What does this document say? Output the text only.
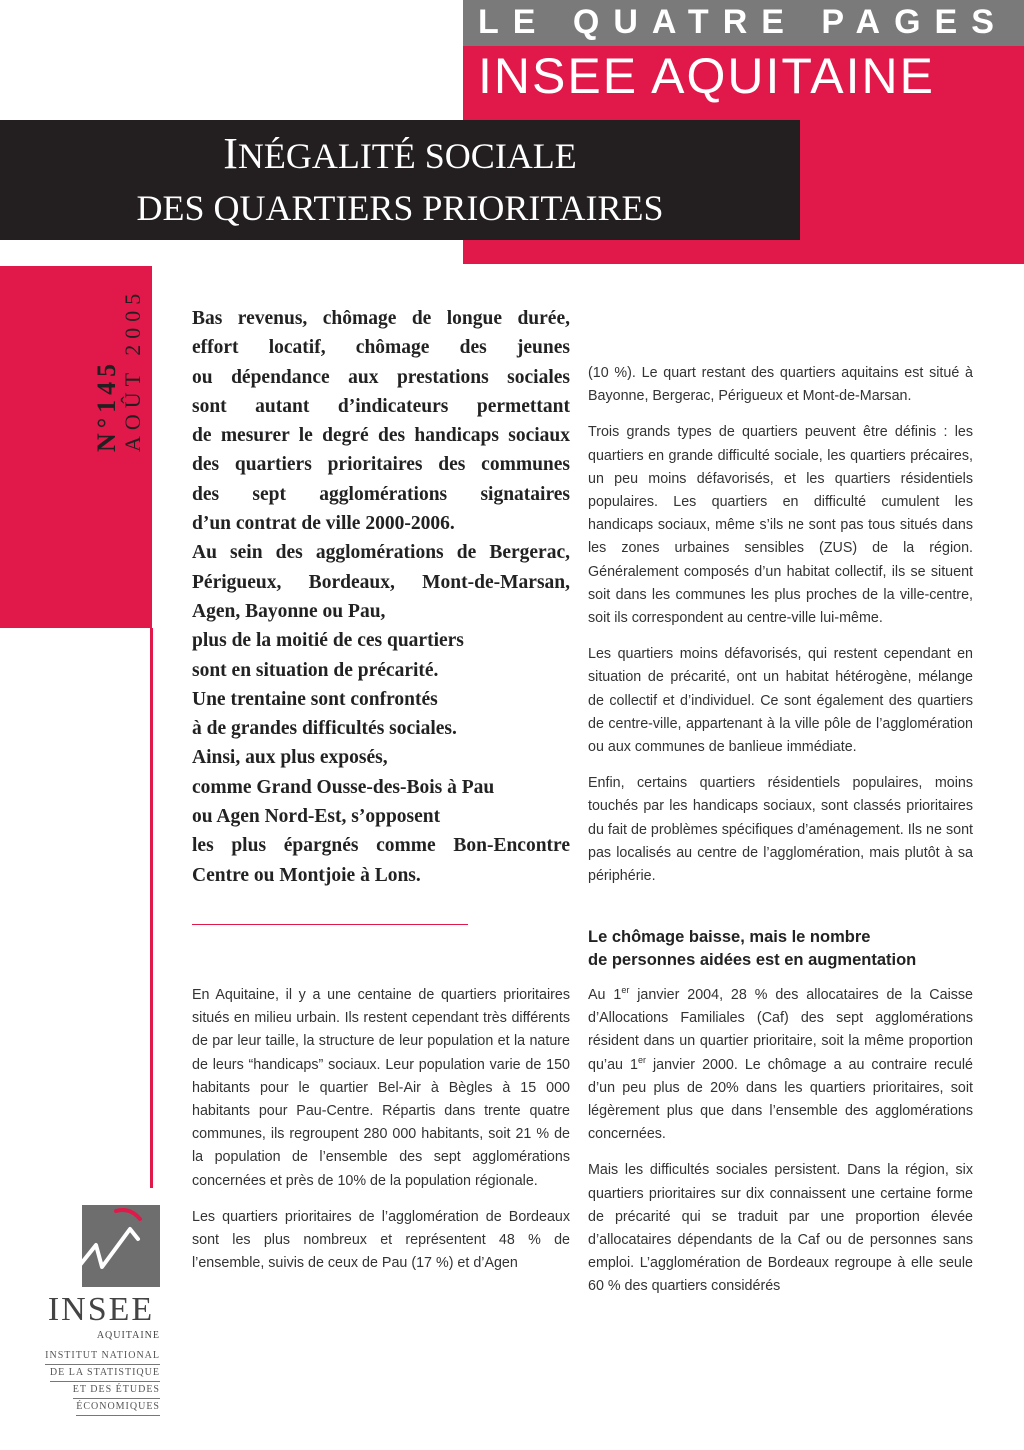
LE QUATRE PAGES
INSEE AQUITAINE
INÉGALITÉ SOCIALE
DES QUARTIERS PRIORITAIRES
N°145
AOÛT 2005	Bas revenus, chômage de longue durée,
effort locatif, chômage des jeunes
ou dépendance aux prestations sociales
sont autant d’indicateurs permettant
de mesurer le degré des handicaps sociaux
des quartiers prioritaires des communes
des sept agglomérations signataires
d’un contrat de ville 2000-2006.
Au sein des agglomérations de Bergerac,
Périgueux, Bordeaux, Mont-de-Marsan,
Agen, Bayonne ou Pau,
plus de la moitié de ces quartiers
sont en situation de précarité.
Une trentaine sont confrontés
à de grandes difficultés sociales.
Ainsi, aux plus exposés,
comme Grand Ousse-des-Bois à Pau
ou Agen Nord-Est, s’opposent
les plus épargnés comme Bon-Encontre
Centre ou Montjoie à Lons.

En Aquitaine, il y a une centaine de quartiers prioritaires situés en milieu urbain. Ils restent cependant très différents de par leur taille, la structure de leur population et la nature de leurs “handicaps” sociaux. Leur population varie de 150 habitants pour le quartier Bel-Air à Bègles à 15 000 habitants pour Pau-Centre. Répartis dans trente quatre communes, ils regroupent 280 000 habitants, soit 21 % de la population de l’ensemble des sept agglomérations concernées et près de 10% de la population régionale.

Les quartiers prioritaires de l’agglomération de Bordeaux sont les plus nombreux et représentent 48 % de l’ensemble, suivis de ceux de Pau (17 %) et d’Agen

(10 %). Le quart restant des quartiers aquitains est situé à Bayonne, Bergerac, Périgueux et Mont-de-Marsan.

Trois grands types de quartiers peuvent être définis : les quartiers en grande difficulté sociale, les quartiers précaires, un peu moins défavorisés, et les quartiers résidentiels populaires. Les quartiers en difficulté cumulent les handicaps sociaux, même s’ils ne sont pas tous situés dans les zones urbaines sensibles (ZUS) de la région. Généralement composés d’un habitat collectif, ils se situent soit dans les communes les plus proches de la ville-centre, soit ils correspondent au centre-ville lui-même.

Les quartiers moins défavorisés, qui restent cependant en situation de précarité, ont un habitat hétérogène, mélange de collectif et d’individuel. Ce sont également des quartiers de centre-ville, appartenant à la ville pôle de l’agglomération ou aux communes de banlieue immédiate.

Enfin, certains quartiers résidentiels populaires, moins touchés par les handicaps sociaux, sont classés prioritaires du fait de problèmes spécifiques d’aménagement. Ils ne sont pas localisés au centre de l’agglomération, mais plutôt à sa périphérie.

Le chômage baisse, mais le nombre
de personnes aidées est en augmentation

Au 1er janvier 2004, 28 % des allocataires de la Caisse d’Allocations Familiales (Caf) des sept agglomérations résident dans un quartier prioritaire, soit la même proportion qu’au 1er janvier 2000. Le chômage a au contraire reculé d’un peu plus de 20% dans les quartiers prioritaires, soit légèrement plus que dans l’ensemble des agglomérations concernées.

Mais les difficultés sociales persistent. Dans la région, six quartiers prioritaires sur dix connaissent une certaine forme de précarité qui se traduit par une proportion élevée d’allocataires dépendants de la Caf ou de personnes sans emploi. L’agglomération de Bordeaux regroupe à elle seule 60 % des quartiers considérés

INSEE
AQUITAINE
INSTITUT NATIONAL
DE LA STATISTIQUE
ET DES ÉTUDES
ÉCONOMIQUES
